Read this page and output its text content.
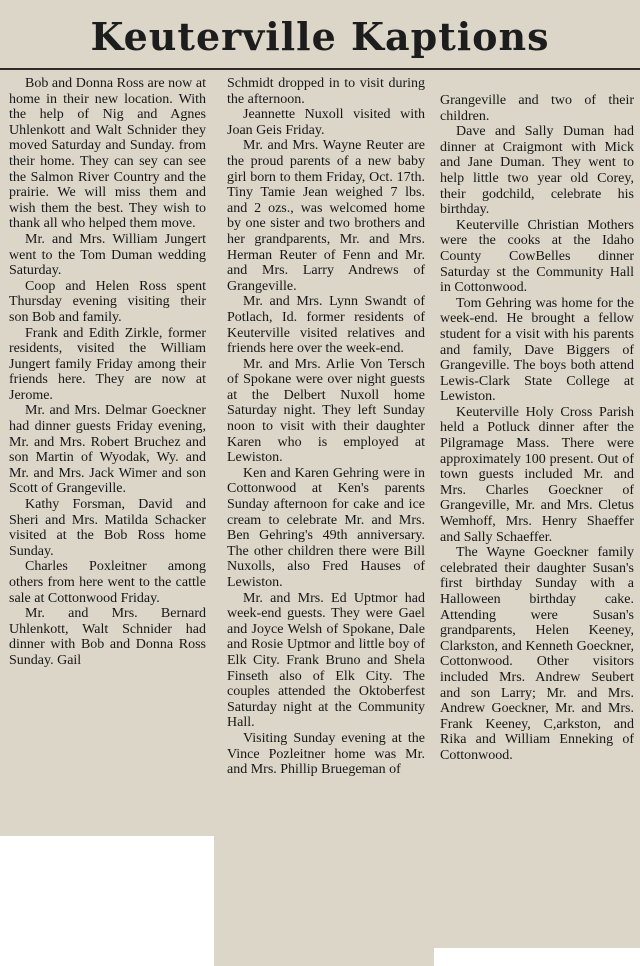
Keuterville Kaptions

Bob and Donna Ross are now at home in their new location. With the help of Nig and Agnes Uhlenkott and Walt Schnider they moved Saturday and Sunday. from their home. They can sey can see the Salmon River Country and the prairie. We will miss them and wish them the best. They wish to thank all who helped them move.

Mr. and Mrs. William Jungert went to the Tom Duman wedding Saturday.

Coop and Helen Ross spent Thursday evening visiting their son Bob and family.

Frank and Edith Zirkle, former residents, visited the William Jungert family Friday among their friends here. They are now at Jerome.

Mr. and Mrs. Delmar Goeckner had dinner guests Friday evening, Mr. and Mrs. Robert Bruchez and son Martin of Wyodak, Wy. and Mr. and Mrs. Jack Wimer and son Scott of Grangeville.

Kathy Forsman, David and Sheri and Mrs. Matilda Schacker visited at the Bob Ross home Sunday.

Charles Poxleitner among others from here went to the cattle sale at Cottonwood Friday.

Mr. and Mrs. Bernard Uhlenkott, Walt Schnider had dinner with Bob and Donna Ross Sunday. Gail

Schmidt dropped in to visit during the afternoon.

Jeannette Nuxoll visited with Joan Geis Friday.

Mr. and Mrs. Wayne Reuter are the proud parents of a new baby girl born to them Friday, Oct. 17th. Tiny Tamie Jean weighed 7 lbs. and 2 ozs., was welcomed home by one sister and two brothers and her grandparents, Mr. and Mrs. Herman Reuter of Fenn and Mr. and Mrs. Larry Andrews of Grangeville.

Mr. and Mrs. Lynn Swandt of Potlach, Id. former residents of Keuterville visited relatives and friends here over the week-end.

Mr. and Mrs. Arlie Von Tersch of Spokane were over night guests at the Delbert Nuxoll home Saturday night. They left Sunday noon to visit with their daughter Karen who is employed at Lewiston.

Ken and Karen Gehring were in Cottonwood at Ken's parents Sunday afternoon for cake and ice cream to celebrate Mr. and Mrs. Ben Gehring's 49th anniversary. The other children there were Bill Nuxolls, also Fred Hauses of Lewiston.

Mr. and Mrs. Ed Uptmor had week-end guests. They were Gael and Joyce Welsh of Spokane, Dale and Rosie Uptmor and little boy of Elk City. Frank Bruno and Shela Finseth also of Elk City. The couples attended the Oktoberfest Saturday night at the Community Hall.

Visiting Sunday evening at the Vince Pozleitner home was Mr. and Mrs. Phillip Bruegeman of

Grangeville and two of their children.

Dave and Sally Duman had dinner at Craigmont with Mick and Jane Duman. They went to help little two year old Corey, their godchild, celebrate his birthday.

Keuterville Christian Mothers were the cooks at the Idaho County CowBelles dinner Saturday st the Community Hall in Cottonwood.

Tom Gehring was home for the week-end. He brought a fellow student for a visit with his parents and family, Dave Biggers of Grangeville. The boys both attend Lewis-Clark State College at Lewiston.

Keuterville Holy Cross Parish held a Potluck dinner after the Pilgramage Mass. There were approximately 100 present. Out of town guests included Mr. and Mrs. Charles Goeckner of Grangeville, Mr. and Mrs. Cletus Wemhoff, Mrs. Henry Shaeffer and Sally Schaeffer.

The Wayne Goeckner family celebrated their daughter Susan's first birthday Sunday with a Halloween birthday cake. Attending were Susan's grandparents, Helen Keeney, Clarkston, and Kenneth Goeckner, Cottonwood. Other visitors included Mrs. Andrew Seubert and son Larry; Mr. and Mrs. Andrew Goeckner, Mr. and Mrs. Frank Keeney, C,arkston, and Rika and William Enneking of Cottonwood.
